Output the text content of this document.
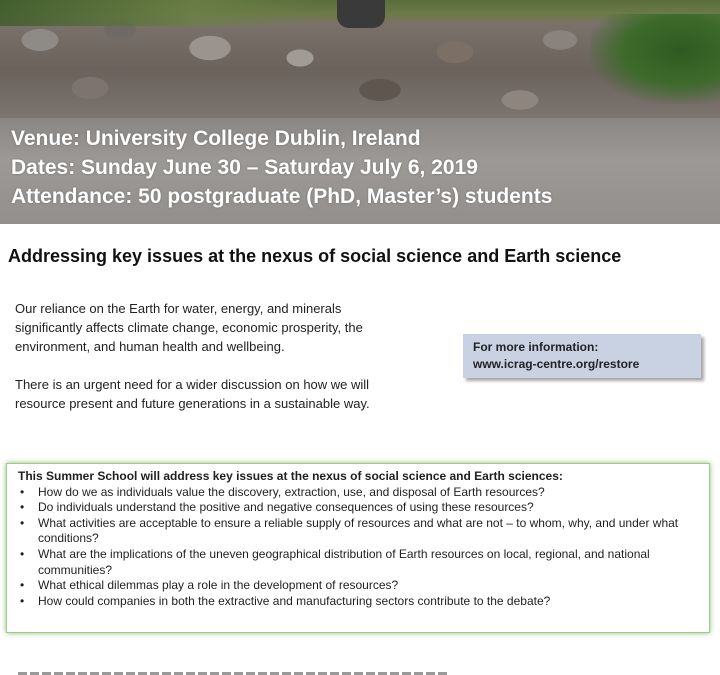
Venue: University College Dublin, Ireland
Dates: Sunday June 30 – Saturday July 6, 2019
Attendance: 50 postgraduate (PhD, Master’s) students
Addressing key issues at the nexus of social science and Earth science

Our reliance on the Earth for water, energy, and minerals significantly affects climate change, economic prosperity, the environment, and human health and wellbeing.

There is an urgent need for a wider discussion on how we will resource present and future generations in a sustainable way.

For more information:
www.icrag-centre.org/restore
This Summer School will address key issues at the nexus of social science and Earth sciences:
• How do we as individuals value the discovery, extraction, use, and disposal of Earth resources?
• Do individuals understand the positive and negative consequences of using these resources?
• What activities are acceptable to ensure a reliable supply of resources and what are not – to whom, why, and under what conditions?
• What are the implications of the uneven geographical distribution of Earth resources on local, regional, and national communities?
• What ethical dilemmas play a role in the development of resources?
• How could companies in both the extractive and manufacturing sectors contribute to the debate?
